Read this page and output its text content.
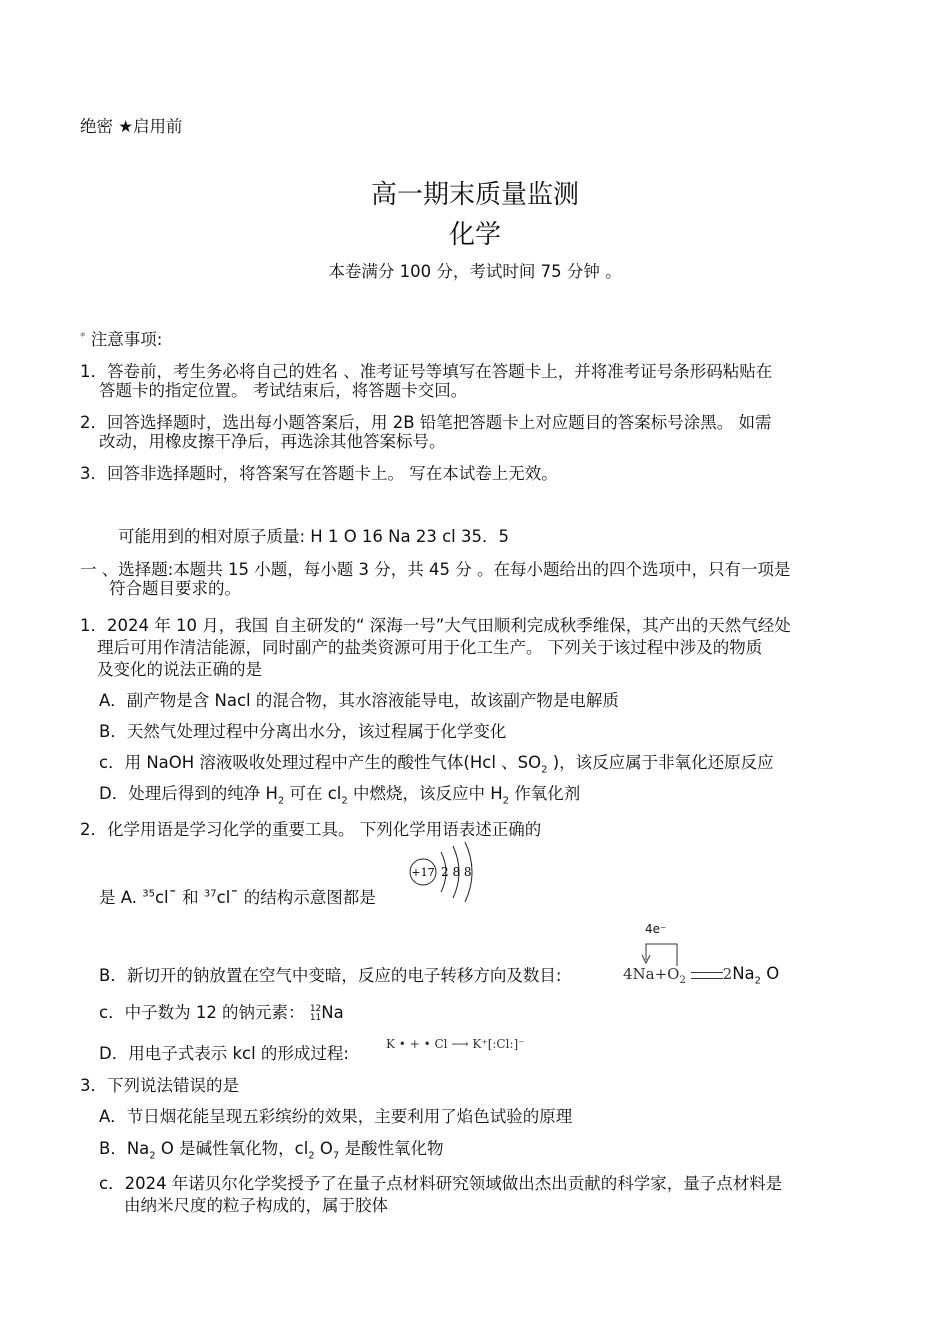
绝密 ★启用前
高一期末质量监测
化学
本卷满分 100 分，考试时间 75 分钟 。
* 注意事项:
1．答卷前，考生务必将自己的姓名 、准考证号等填写在答题卡上，并将准考证号条形码粘贴在
答题卡的指定位置。 考试结束后，将答题卡交回。
2．回答选择题时，选出每小题答案后，用 2B 铅笔把答题卡上对应题目的答案标号涂黑。 如需
改动，用橡皮擦干净后，再选涂其他答案标号。
3．回答非选择题时，将答案写在答题卡上。 写在本试卷上无效。
可能用到的相对原子质量: H 1 O 16 Na 23 cl 35．5
一 、选择题:本题共 15 小题，每小题 3 分，共 45 分 。在每小题给出的四个选项中，只有一项是
符合题目要求的。
1．2024 年 10 月，我国 自主研发的“ 深海一号”大气田顺利完成秋季维保，其产出的天然气经处
理后可用作清洁能源，同时副产的盐类资源可用于化工生产。 下列关于该过程中涉及的物质
及变化的说法正确的是
A．副产物是含 Nacl 的混合物，其水溶液能导电，故该副产物是电解质
B．天然气处理过程中分离出水分，该过程属于化学变化
c．用 NaOH 溶液吸收处理过程中产生的酸性气体(Hcl 、$SO_2$ )，该反应属于非氧化还原反应
D．处理后得到的纯净 $H_2$ 可在 $cl_2$ 中燃烧，该反应中 $H_2$ 作氧化剂
2．化学用语是学习化学的重要工具。 下列化学用语表述正确的
是 A. $^{35}$cl¯ 和 $^{37}$cl¯ 的结构示意图都是
+17 2 8 8
4e⁻
B．新切开的钠放置在空气中变暗，反应的电子转移方向及数目:	$4Na+O_2$ $2Na_2$ O
c．中子数为 12 的钠元素： 12
11Na
D．用电子式表示 kcl 的形成过程:	K • + • Cl ⟶ K⁺[:Cl:]⁻
3．下列说法错误的是
A．节日烟花能呈现五彩缤纷的效果，主要利用了焰色试验的原理
B．$Na_2$ O 是碱性氧化物，$cl_2$ $O_7$ 是酸性氧化物
c．2024 年诺贝尔化学奖授予了在量子点材料研究领域做出杰出贡献的科学家，量子点材料是
由纳米尺度的粒子构成的，属于胶体
